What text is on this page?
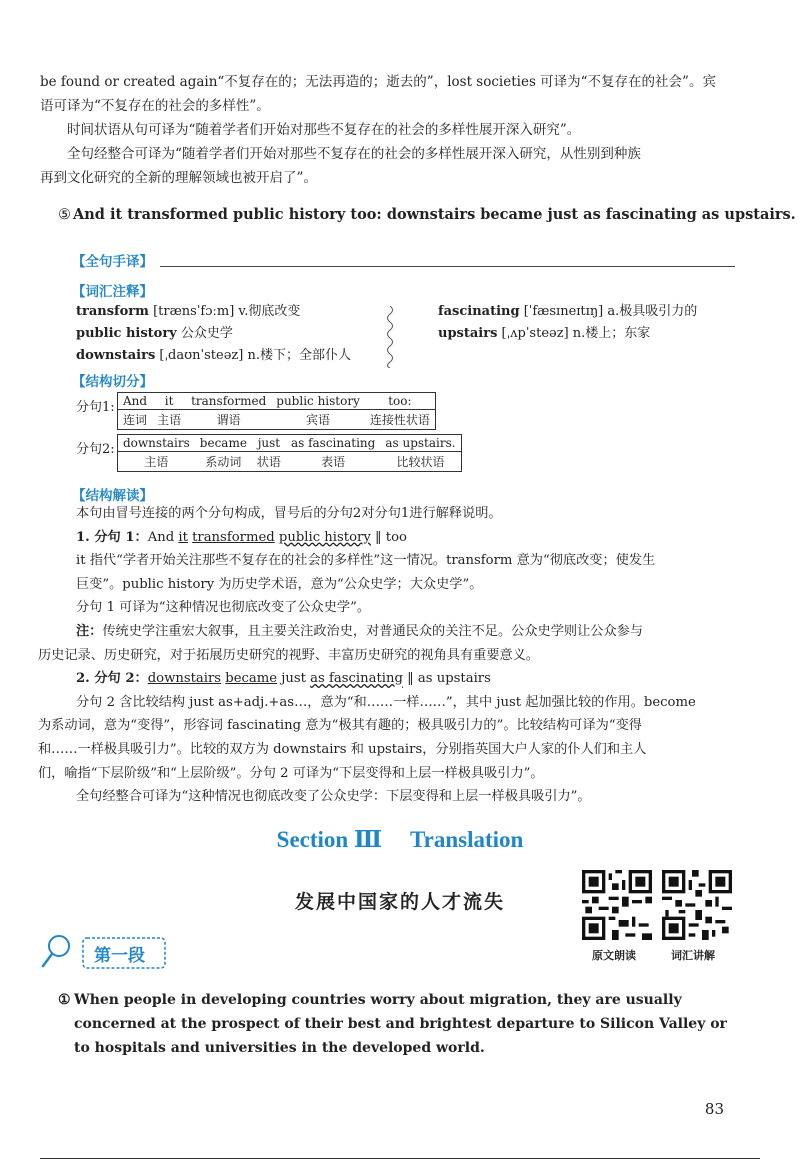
be found or created again“不复存在的；无法再造的；逝去的”，lost societies 可译为“不复存在的社会”。宾
语可译为“不复存在的社会的多样性”。
时间状语从句可译为“随着学者们开始对那些不复存在的社会的多样性展开深入研究”。
全句经整合可译为“随着学者们开始对那些不复存在的社会的多样性展开深入研究，从性别到种族
再到文化研究的全新的理解领域也被开启了”。
⑤ And it transformed public history too: downstairs became just as fascinating as upstairs.
【全句手译】
【词汇注释】
transform [trænsˈfɔːm] v.彻底改变
public history 公众史学
downstairs [ˌdaʊnˈsteəz] n.楼下；全部仆人
fascinating [ˈfæsɪneɪtɪŋ] a.极具吸引力的
upstairs [ˌʌpˈsteəz] n.楼上；东家
【结构切分】
分句1: And	it	transformed	public history	too:
连词	主语	谓语	宾语	连接性状语
分句2: downstairs	became	just	as fascinating	as upstairs.
主语	系动词	状语	表语	比较状语
【结构解读】
本句由冒号连接的两个分句构成，冒号后的分句2对分句1进行解释说明。
1. 分句 1：And it transformed public history ‖ too
it 指代“学者开始关注那些不复存在的社会的多样性”这一情况。transform 意为“彻底改变；使发生
巨变”。public history 为历史学术语，意为“公众史学；大众史学”。
分句 1 可译为“这种情况也彻底改变了公众史学”。
注：传统史学注重宏大叙事，且主要关注政治史，对普通民众的关注不足。公众史学则让公众参与
历史记录、历史研究，对于拓展历史研究的视野、丰富历史研究的视角具有重要意义。
2. 分句 2：downstairs became just as fascinating ‖ as upstairs
分句 2 含比较结构 just as+adj.+as…，意为“和……一样……”，其中 just 起加强比较的作用。become
为系动词，意为“变得”，形容词 fascinating 意为“极其有趣的；极具吸引力的”。比较结构可译为“变得
和……一样极具吸引力”。比较的双方为 downstairs 和 upstairs，分别指英国大户人家的仆人们和主人
们，喻指“下层阶级”和“上层阶级”。分句 2 可译为“下层变得和上层一样极具吸引力”。
全句经整合可译为“这种情况也彻底改变了公众史学：下层变得和上层一样极具吸引力”。
Section Ⅲ Translation
发展中国家的人才流失
原文朗读	词汇讲解
第一段
① When people in developing countries worry about migration, they are usually concerned at the prospect of their best and brightest departure to Silicon Valley or to hospitals and universities in the developed world.
83
